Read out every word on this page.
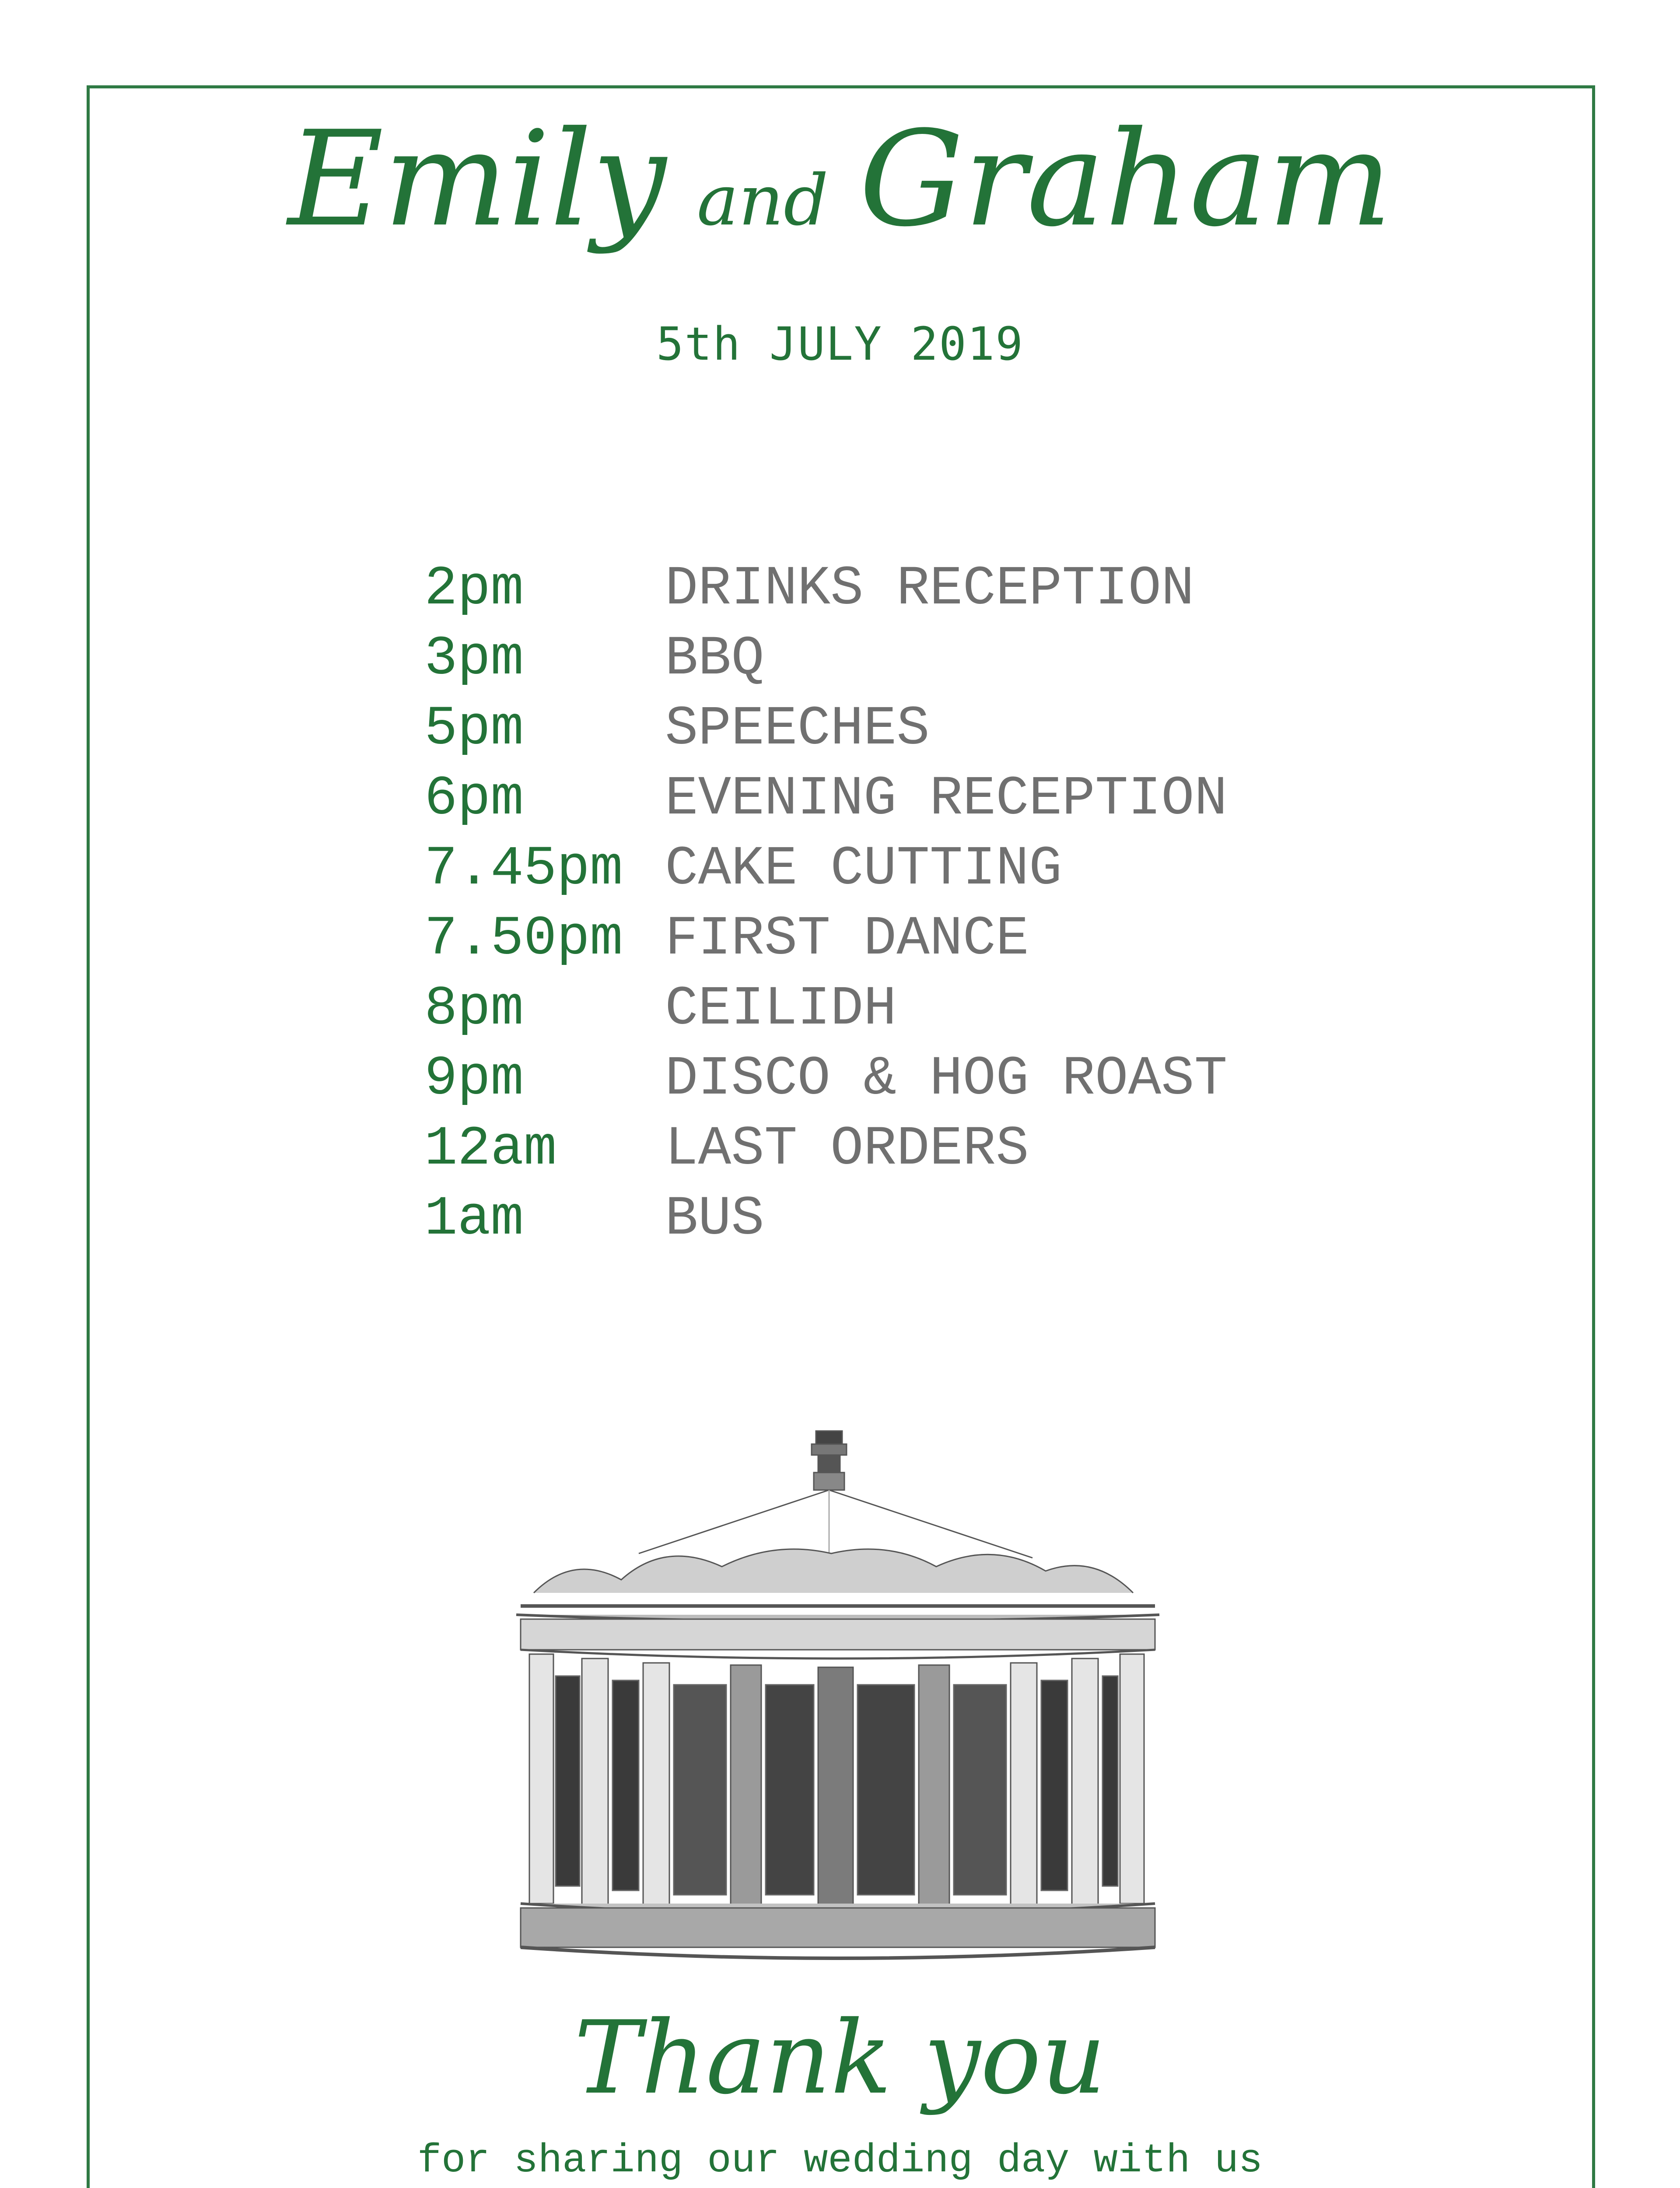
Emily and Graham
5th JULY 2019
2pm	DRINKS RECEPTION
3pm	BBQ
5pm	SPEECHES
6pm	EVENING RECEPTION
7.45pm CAKE CUTTING
7.50pm FIRST DANCE
8pm	CEILIDH
9pm	DISCO & HOG ROAST
12am	LAST ORDERS
1am	BUS
Thank you
for sharing our wedding day with us
